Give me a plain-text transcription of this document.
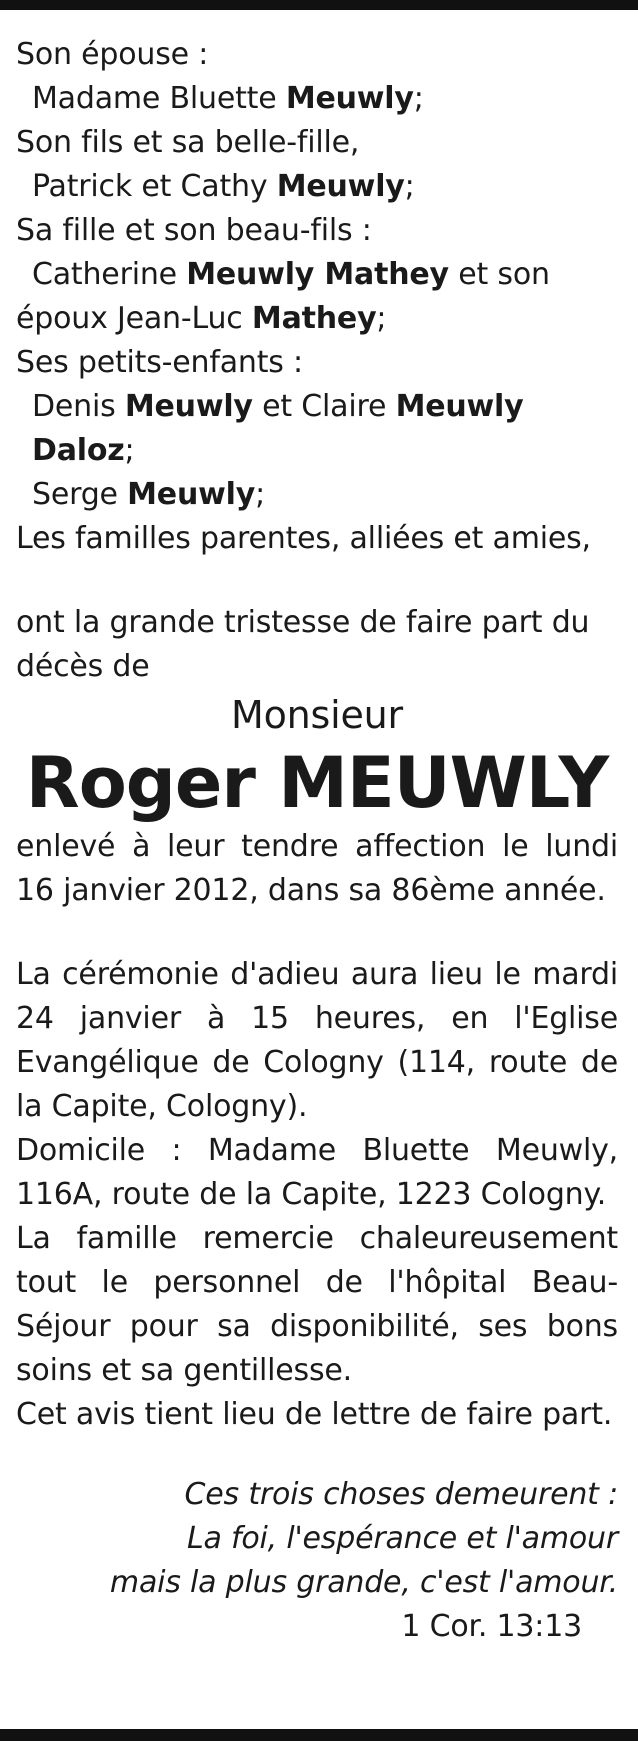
Son épouse :

Madame Bluette Meuwly;

Son fils et sa belle-fille,

Patrick et Cathy Meuwly;

Sa fille et son beau-fils :

Catherine Meuwly Mathey et son

époux Jean-Luc Mathey;

Ses petits-enfants :

Denis Meuwly et Claire Meuwly Daloz;

Serge Meuwly;

Les familles parentes, alliées et amies,

ont la grande tristesse de faire part du décès de

Monsieur

Roger MEUWLY

enlevé à leur tendre affection le lundi 16 janvier 2012, dans sa 86ème année.

La cérémonie d'adieu aura lieu le mardi 24 janvier à 15 heures, en l'Eglise Evangélique de Cologny (114, route de la Capite, Cologny).

Domicile : Madame Bluette Meuwly, 116A, route de la Capite, 1223 Cologny.

La famille remercie chaleureusement tout le personnel de l'hôpital Beau-Séjour pour sa disponibilité, ses bons soins et sa gentillesse.

Cet avis tient lieu de lettre de faire part.

Ces trois choses demeurent :

La foi, l'espérance et l'amour

mais la plus grande, c'est l'amour.

1 Cor. 13:13
